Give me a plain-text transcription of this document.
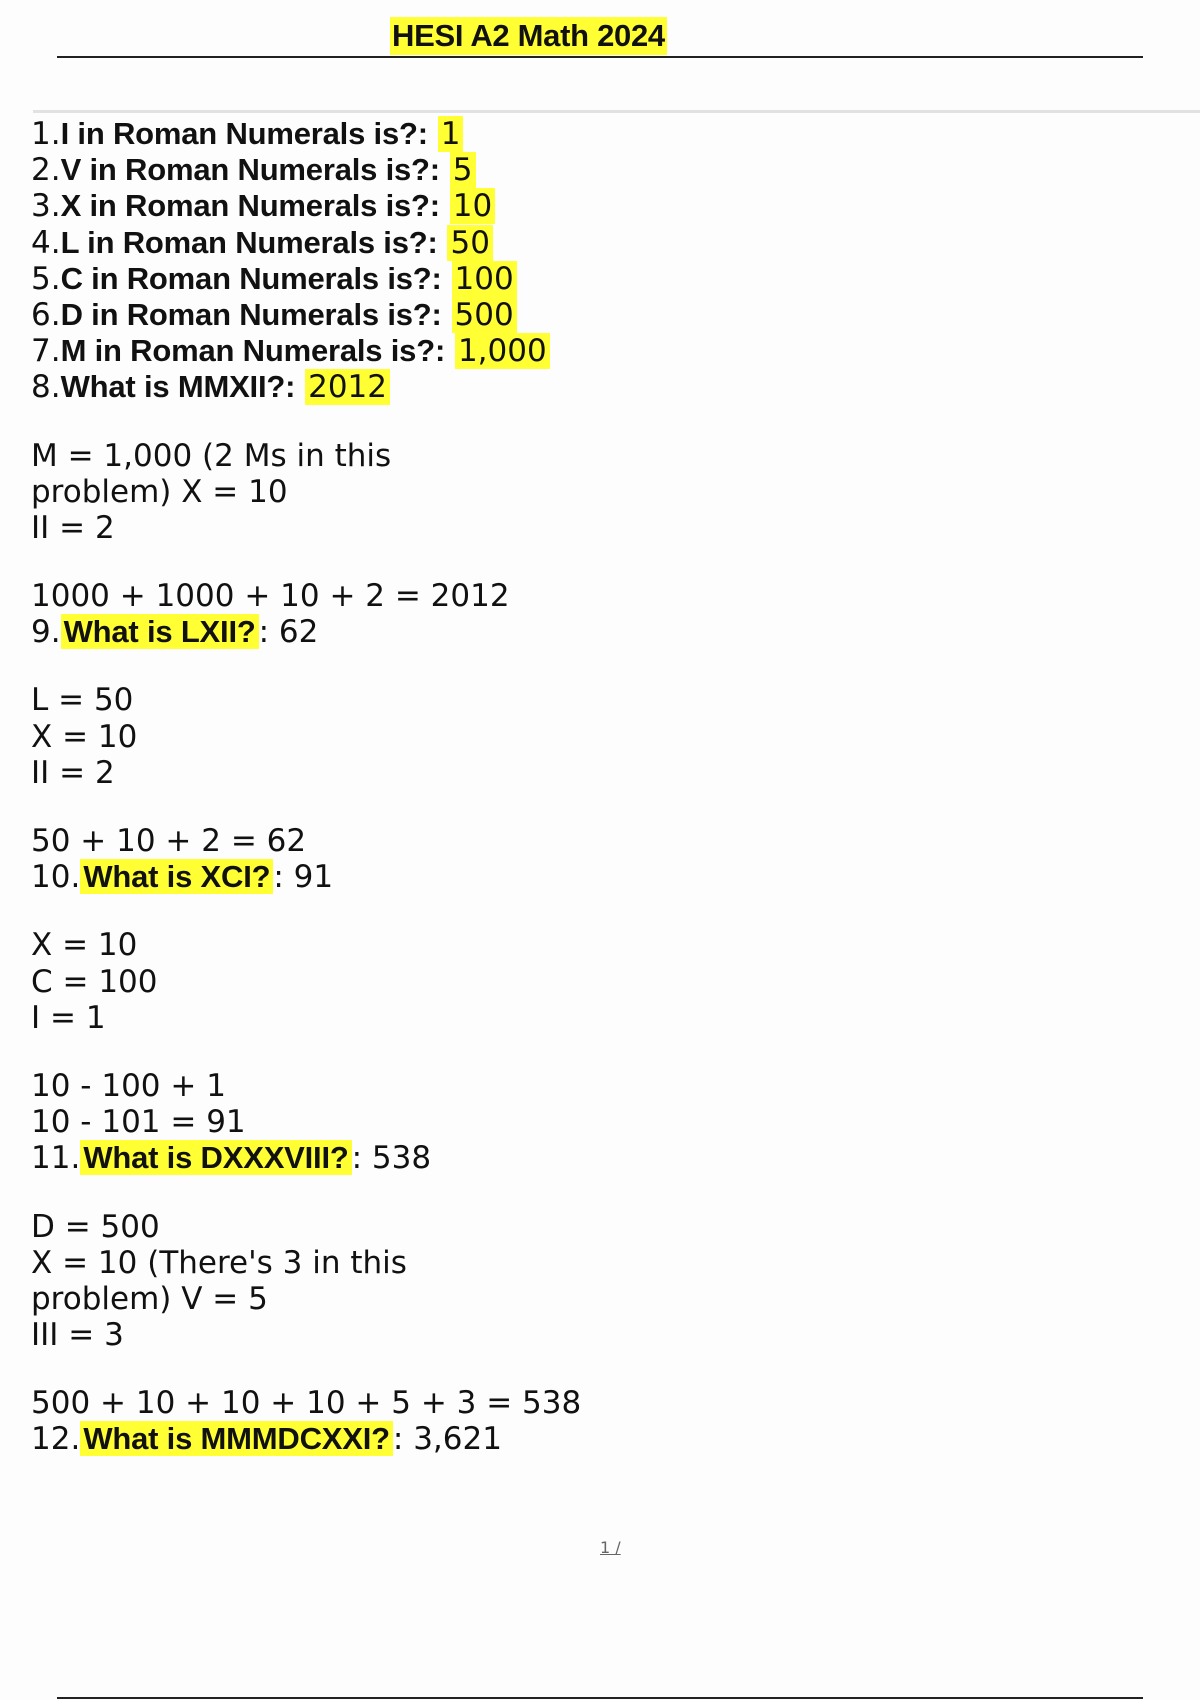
HESI A2 Math 2024
1.I in Roman Numerals is?: 1
2.V in Roman Numerals is?: 5
3.X in Roman Numerals is?: 10
4.L in Roman Numerals is?: 50
5.C in Roman Numerals is?: 100
6.D in Roman Numerals is?: 500
7.M in Roman Numerals is?: 1,000
8.What is MMXII?: 2012
M = 1,000 (2 Ms in this
problem) X = 10
II = 2
1000 + 1000 + 10 + 2 = 2012
9.What is LXII?: 62
L = 50
X = 10
II = 2
50 + 10 + 2 = 62
10.What is XCI?: 91
X = 10
C = 100
I = 1
10 - 100 + 1
10 - 101 = 91
11.What is DXXXVIII?: 538
D = 500
X = 10 (There's 3 in this
problem) V = 5
III = 3
500 + 10 + 10 + 10 + 5 + 3 = 538
12.What is MMMDCXXI?: 3,621
1 /
